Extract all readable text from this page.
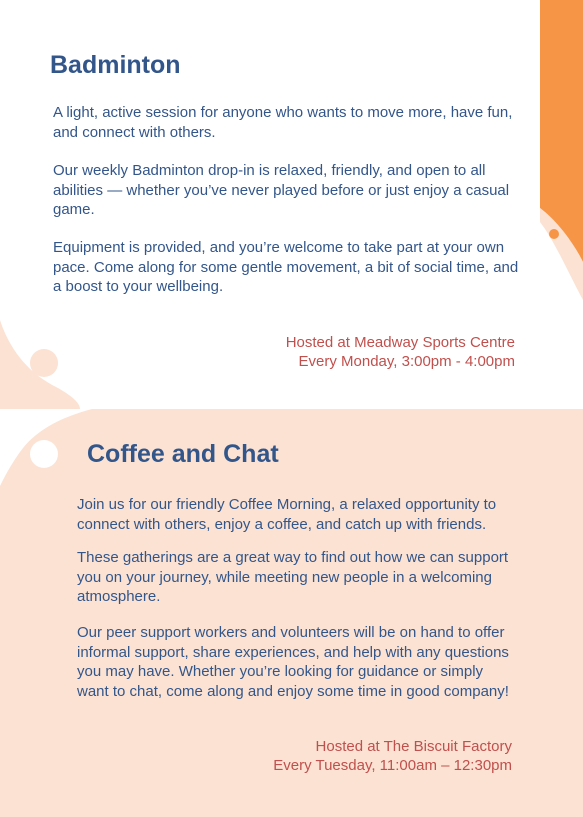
Badminton

A light, active session for anyone who wants to move more, have fun, and connect with others.

Our weekly Badminton drop-in is relaxed, friendly, and open to all abilities — whether you’ve never played before or just enjoy a casual game.

Equipment is provided, and you’re welcome to take part at your own pace. Come along for some gentle movement, a bit of social time, and a boost to your wellbeing.

Hosted at Meadway Sports Centre

Every Monday, 3:00pm - 4:00pm

Coffee and Chat

Join us for our friendly Coffee Morning, a relaxed opportunity to connect with others, enjoy a coffee, and catch up with friends.

These gatherings are a great way to find out how we can support you on your journey, while meeting new people in a welcoming atmosphere.

Our peer support workers and volunteers will be on hand to offer informal support, share experiences, and help with any questions you may have. Whether you’re looking for guidance or simply want to chat, come along and enjoy some time in good company!

Hosted at The Biscuit Factory

Every Tuesday, 11:00am – 12:30pm
